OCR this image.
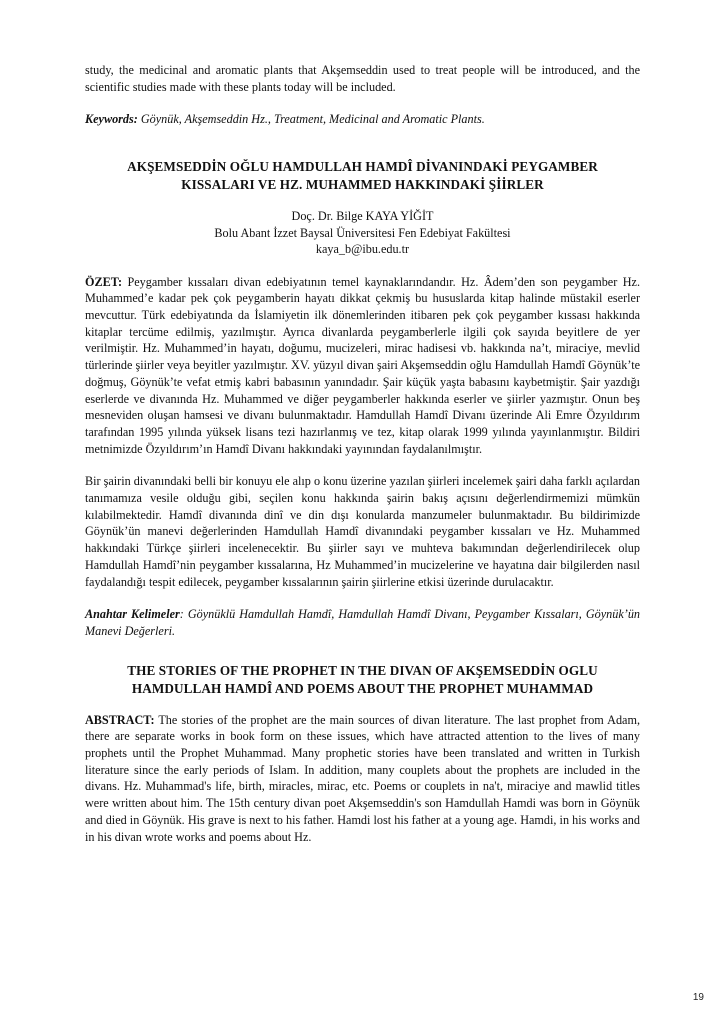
study, the medicinal and aromatic plants that Akşemseddin used to treat people will be introduced, and the scientific studies made with these plants today will be included.

Keywords: Göynük, Akşemseddin Hz., Treatment, Medicinal and Aromatic Plants.

AKŞEMSEDDİN OĞLU HAMDULLAH HAMDÎ DİVANINDAKİ PEYGAMBER
KISSALARI VE HZ. MUHAMMED HAKKINDAKİ ŞİİRLER
Doç. Dr. Bilge KAYA YİĞİT
Bolu Abant İzzet Baysal Üniversitesi Fen Edebiyat Fakültesi
kaya_b@ibu.edu.tr

ÖZET: Peygamber kıssaları divan edebiyatının temel kaynaklarındandır. Hz. Âdem’den son peygamber Hz. Muhammed’e kadar pek çok peygamberin hayatı dikkat çekmiş bu hususlarda kitap halinde müstakil eserler mevcuttur. Türk edebiyatında da İslamiyetin ilk dönemlerinden itibaren pek çok peygamber kıssası hakkında kitaplar tercüme edilmiş, yazılmıştır. Ayrıca divanlarda peygamberlerle ilgili çok sayıda beyitlere de yer verilmiştir. Hz. Muhammed’in hayatı, doğumu, mucizeleri, mirac hadisesi vb. hakkında na’t, miraciye, mevlid türlerinde şiirler veya beyitler yazılmıştır. XV. yüzyıl divan şairi Akşemseddin oğlu Hamdullah Hamdî Göynük’te doğmuş, Göynük’te vefat etmiş kabri babasının yanındadır. Şair küçük yaşta babasını kaybetmiştir. Şair yazdığı eserlerde ve divanında Hz. Muhammed ve diğer peygamberler hakkında eserler ve şiirler yazmıştır. Onun beş mesneviden oluşan hamsesi ve divanı bulunmaktadır. Hamdullah Hamdî Divanı üzerinde Ali Emre Özyıldırım tarafından 1995 yılında yüksek lisans tezi hazırlanmış ve tez, kitap olarak 1999 yılında yayınlanmıştır. Bildiri metnimizde Özyıldırım’ın Hamdî Divanı hakkındaki yayınından faydalanılmıştır.

Bir şairin divanındaki belli bir konuyu ele alıp o konu üzerine yazılan şiirleri incelemek şairi daha farklı açılardan tanımamıza vesile olduğu gibi, seçilen konu hakkında şairin bakış açısını değerlendirmemizi mümkün kılabilmektedir. Hamdî divanında dinî ve din dışı konularda manzumeler bulunmaktadır. Bu bildirimizde Göynük’ün manevi değerlerinden Hamdullah Hamdî divanındaki peygamber kıssaları ve Hz. Muhammed hakkındaki Türkçe şiirleri incelenecektir. Bu şiirler sayı ve muhteva bakımından değerlendirilecek olup Hamdullah Hamdî’nin peygamber kıssalarına, Hz Muhammed’in mucizelerine ve hayatına dair bilgilerden nasıl faydalandığı tespit edilecek, peygamber kıssalarının şairin şiirlerine etkisi üzerinde durulacaktır.

Anahtar Kelimeler: Göynüklü Hamdullah Hamdî, Hamdullah Hamdî Divanı, Peygamber Kıssaları, Göynük’ün Manevi Değerleri.

THE STORIES OF THE PROPHET IN THE DIVAN OF AKŞEMSEDDİN OGLU
HAMDULLAH HAMDÎ AND POEMS ABOUT THE PROPHET MUHAMMAD

ABSTRACT: The stories of the prophet are the main sources of divan literature. The last prophet from Adam, there are separate works in book form on these issues, which have attracted attention to the lives of many prophets until the Prophet Muhammad. Many prophetic stories have been translated and written in Turkish literature since the early periods of Islam. In addition, many couplets about the prophets are included in the divans. Hz. Muhammad's life, birth, miracles, mirac, etc. Poems or couplets in na't, miraciye and mawlid titles were written about him. The 15th century divan poet Akşemseddin's son Hamdullah Hamdi was born in Göynük and died in Göynük. His grave is next to his father. Hamdi lost his father at a young age. Hamdi, in his works and in his divan wrote works and poems about Hz.

19
